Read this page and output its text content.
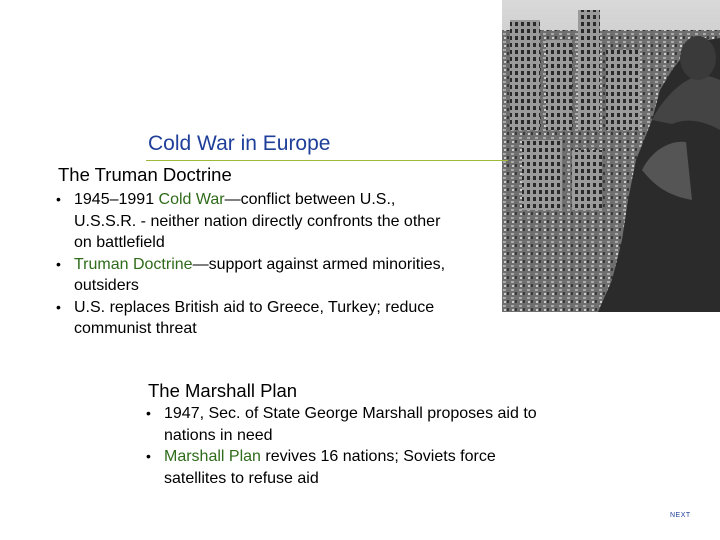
Cold War in Europe
The Truman Doctrine
• 1945–1991 Cold War—conflict between U.S., U.S.S.R. - neither nation directly confronts the other on battlefield
• Truman Doctrine—support against armed minorities, outsiders
• U.S. replaces British aid to Greece, Turkey; reduce communist threat
The Marshall Plan
• 1947, Sec. of State George Marshall proposes aid to nations in need
• Marshall Plan revives 16 nations; Soviets force satellites to refuse aid
NEXT
